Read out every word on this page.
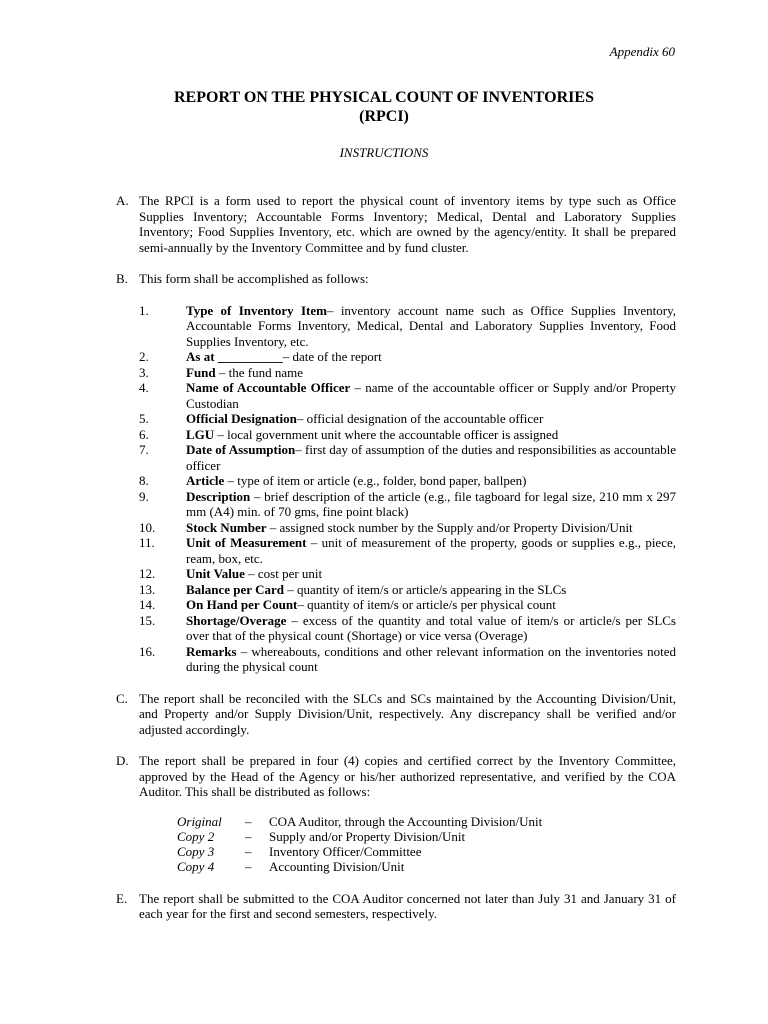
Appendix 60
REPORT ON THE PHYSICAL COUNT OF INVENTORIES
(RPCI)
INSTRUCTIONS
A. The RPCI is a form used to report the physical count of inventory items by type such as Office Supplies Inventory; Accountable Forms Inventory; Medical, Dental and Laboratory Supplies Inventory; Food Supplies Inventory, etc. which are owned by the agency/entity. It shall be prepared semi-annually by the Inventory Committee and by fund cluster.
B. This form shall be accomplished as follows:
1.	Type of Inventory Item– inventory account name such as Office Supplies Inventory, Accountable Forms Inventory, Medical, Dental and Laboratory Supplies Inventory, Food Supplies Inventory, etc.
2.	As at __________– date of the report
3.	Fund – the fund name
4.	Name of Accountable Officer – name of the accountable officer or Supply and/or Property Custodian
5.	Official Designation– official designation of the accountable officer
6.	LGU – local government unit where the accountable officer is assigned
7.	Date of Assumption– first day of assumption of the duties and responsibilities as accountable officer
8.	Article – type of item or article (e.g., folder, bond paper, ballpen)
9.	Description – brief description of the article (e.g., file tagboard for legal size, 210 mm x 297 mm (A4) min. of 70 gms, fine point black)
10. Stock Number – assigned stock number by the Supply and/or Property Division/Unit
11. Unit of Measurement – unit of measurement of the property, goods or supplies e.g., piece, ream, box, etc.
12. Unit Value – cost per unit
13. Balance per Card – quantity of item/s or article/s appearing in the SLCs
14. On Hand per Count– quantity of item/s or article/s per physical count
15. Shortage/Overage – excess of the quantity and total value of item/s or article/s per SLCs over that of the physical count (Shortage) or vice versa (Overage)
16. Remarks – whereabouts, conditions and other relevant information on the inventories noted during the physical count
C. The report shall be reconciled with the SLCs and SCs maintained by the Accounting Division/Unit, and Property and/or Supply Division/Unit, respectively. Any discrepancy shall be verified and/or adjusted accordingly.
D. The report shall be prepared in four (4) copies and certified correct by the Inventory Committee, approved by the Head of the Agency or his/her authorized representative, and verified by the COA Auditor. This shall be distributed as follows:
Original	–	COA Auditor, through the Accounting Division/Unit
Copy 2	–	Supply and/or Property Division/Unit
Copy 3	–	Inventory Officer/Committee
Copy 4	–	Accounting Division/Unit
E. The report shall be submitted to the COA Auditor concerned not later than July 31 and January 31 of each year for the first and second semesters, respectively.
